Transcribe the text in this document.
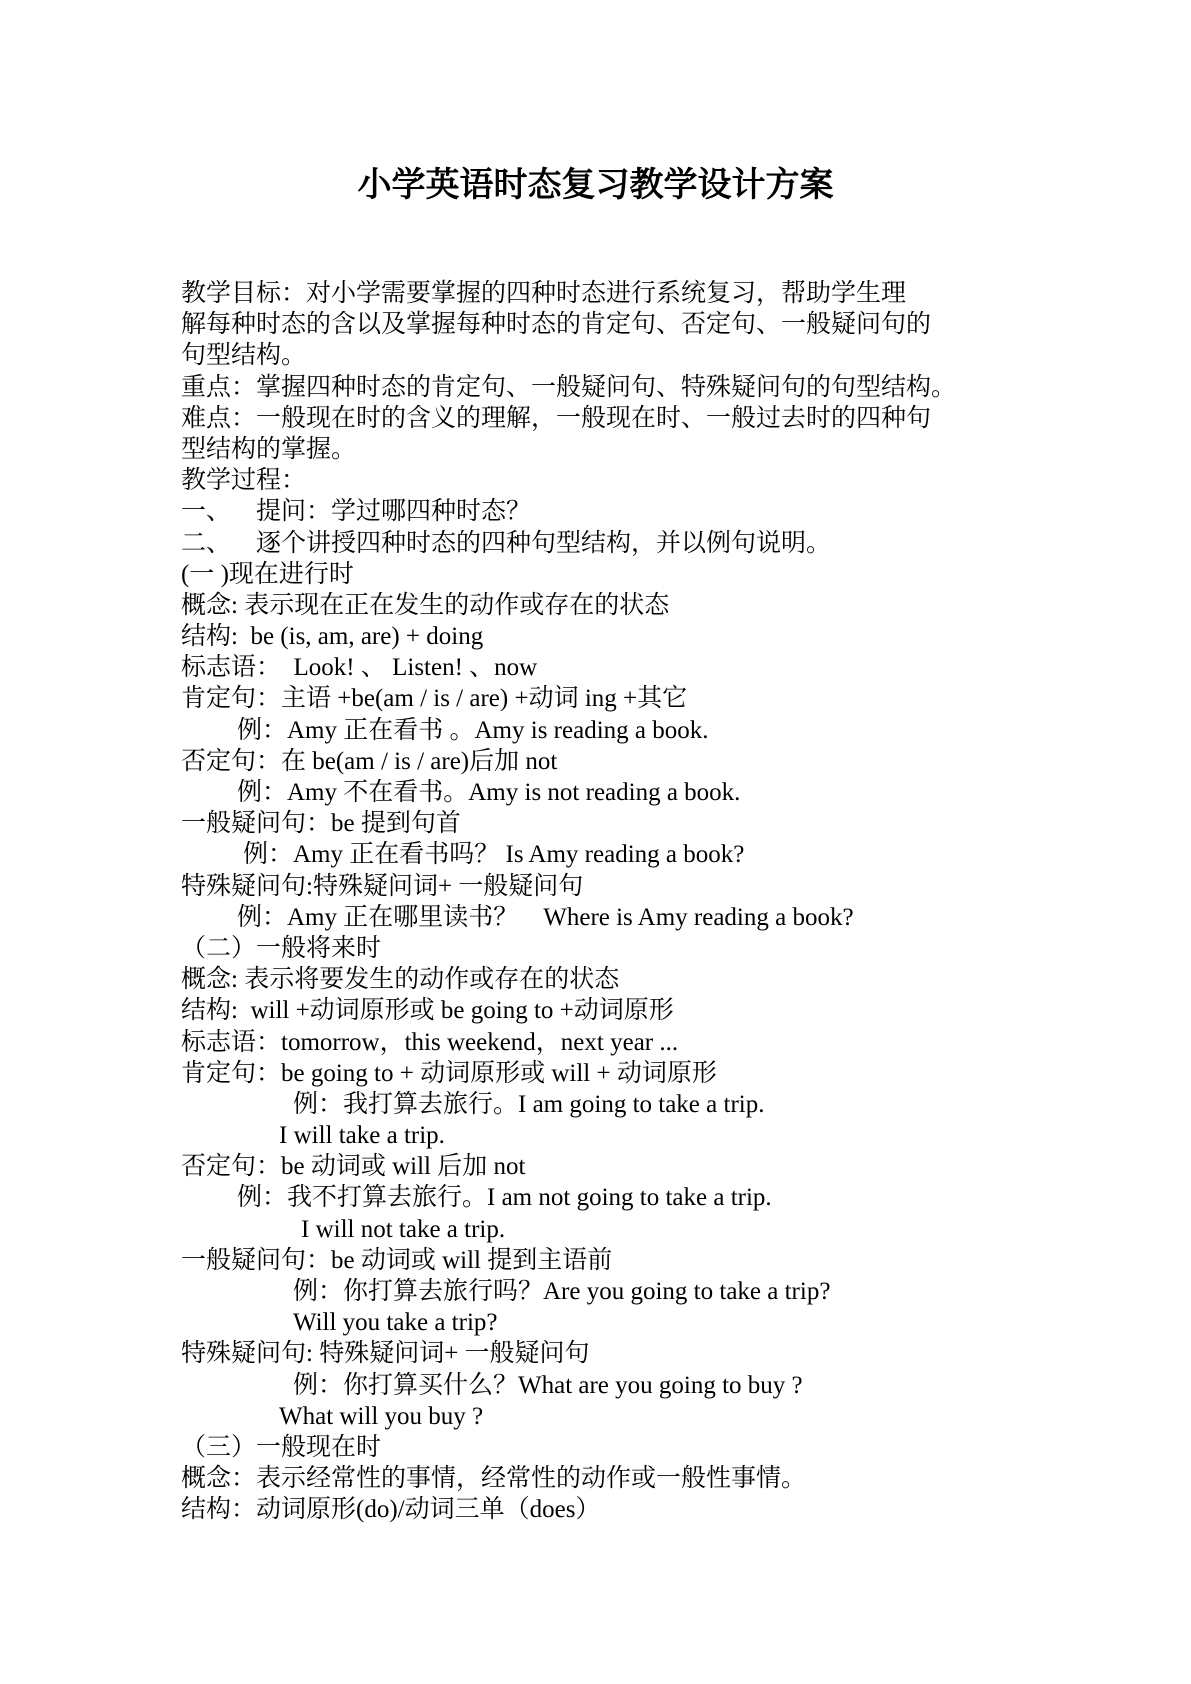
小学英语时态复习教学设计方案
教学目标：对小学需要掌握的四种时态进行系统复习，帮助学生理
解每种时态的含以及掌握每种时态的肯定句、否定句、一般疑问句的
句型结构。
重点：掌握四种时态的肯定句、一般疑问句、特殊疑问句的句型结构。
难点：一般现在时的含义的理解，一般现在时、一般过去时的四种句
型结构的掌握。
教学过程：
一、    提问：学过哪四种时态？
二、    逐个讲授四种时态的四种句型结构，并以例句说明。
(一 )现在进行时
概念: 表示现在正在发生的动作或存在的状态
结构:  be (is, am, are) + doing
标志语：  Look! 、 Listen! 、now
肯定句：主语 +be(am / is / are) +动词 ing +其它
例：Amy 正在看书 。Amy is reading a book.
否定句：在 be(am / is / are)后加 not
例：Amy 不在看书。Amy is not reading a book.
一般疑问句：be 提到句首
例：Amy 正在看书吗？ Is Amy reading a book?
特殊疑问句:特殊疑问词+ 一般疑问句
例：Amy 正在哪里读书？    Where is Amy reading a book?
（二）一般将来时
概念: 表示将要发生的动作或存在的状态
结构:  will +动词原形或 be going to +动词原形
标志语：tomorrow，this weekend，next year ...
肯定句：be going to + 动词原形或 will + 动词原形
例：我打算去旅行。I am going to take a trip.
I will take a trip.
否定句：be 动词或 will 后加 not
例：我不打算去旅行。I am not going to take a trip.
I will not take a trip.
一般疑问句：be 动词或 will 提到主语前
例：你打算去旅行吗？Are you going to take a trip?
Will you take a trip?
特殊疑问句: 特殊疑问词+ 一般疑问句
例：你打算买什么？What are you going to buy ?
What will you buy ?
（三）一般现在时
概念：表示经常性的事情，经常性的动作或一般性事情。
结构：动词原形(do)/动词三单（does）
